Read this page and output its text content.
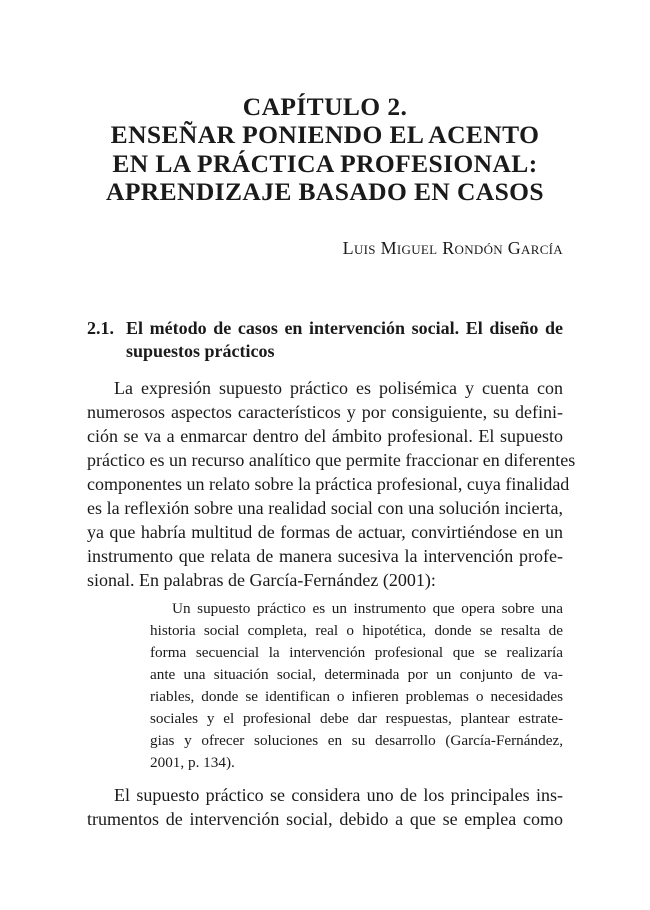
CAPÍTULO 2.
ENSEÑAR PONIENDO EL ACENTO
EN LA PRÁCTICA PROFESIONAL:
APRENDIZAJE BASADO EN CASOS
Luis Miguel Rondón García
2.1. El método de casos en intervención social. El diseño de
supuestos prácticos
La expresión supuesto práctico es polisémica y cuenta con
numerosos aspectos característicos y por consiguiente, su defini-
ción se va a enmarcar dentro del ámbito profesional. El supuesto
práctico es un recurso analítico que permite fraccionar en diferentes
componentes un relato sobre la práctica profesional, cuya finalidad
es la reflexión sobre una realidad social con una solución incierta,
ya que habría multitud de formas de actuar, convirtiéndose en un
instrumento que relata de manera sucesiva la intervención profe-
sional. En palabras de García-Fernández (2001):
Un supuesto práctico es un instrumento que opera sobre una
historia social completa, real o hipotética, donde se resalta de
forma secuencial la intervención profesional que se realizaría
ante una situación social, determinada por un conjunto de va-
riables, donde se identifican o infieren problemas o necesidades
sociales y el profesional debe dar respuestas, plantear estrate-
gias y ofrecer soluciones en su desarrollo (García-Fernández,
2001, p. 134).
El supuesto práctico se considera uno de los principales ins-
trumentos de intervención social, debido a que se emplea como
